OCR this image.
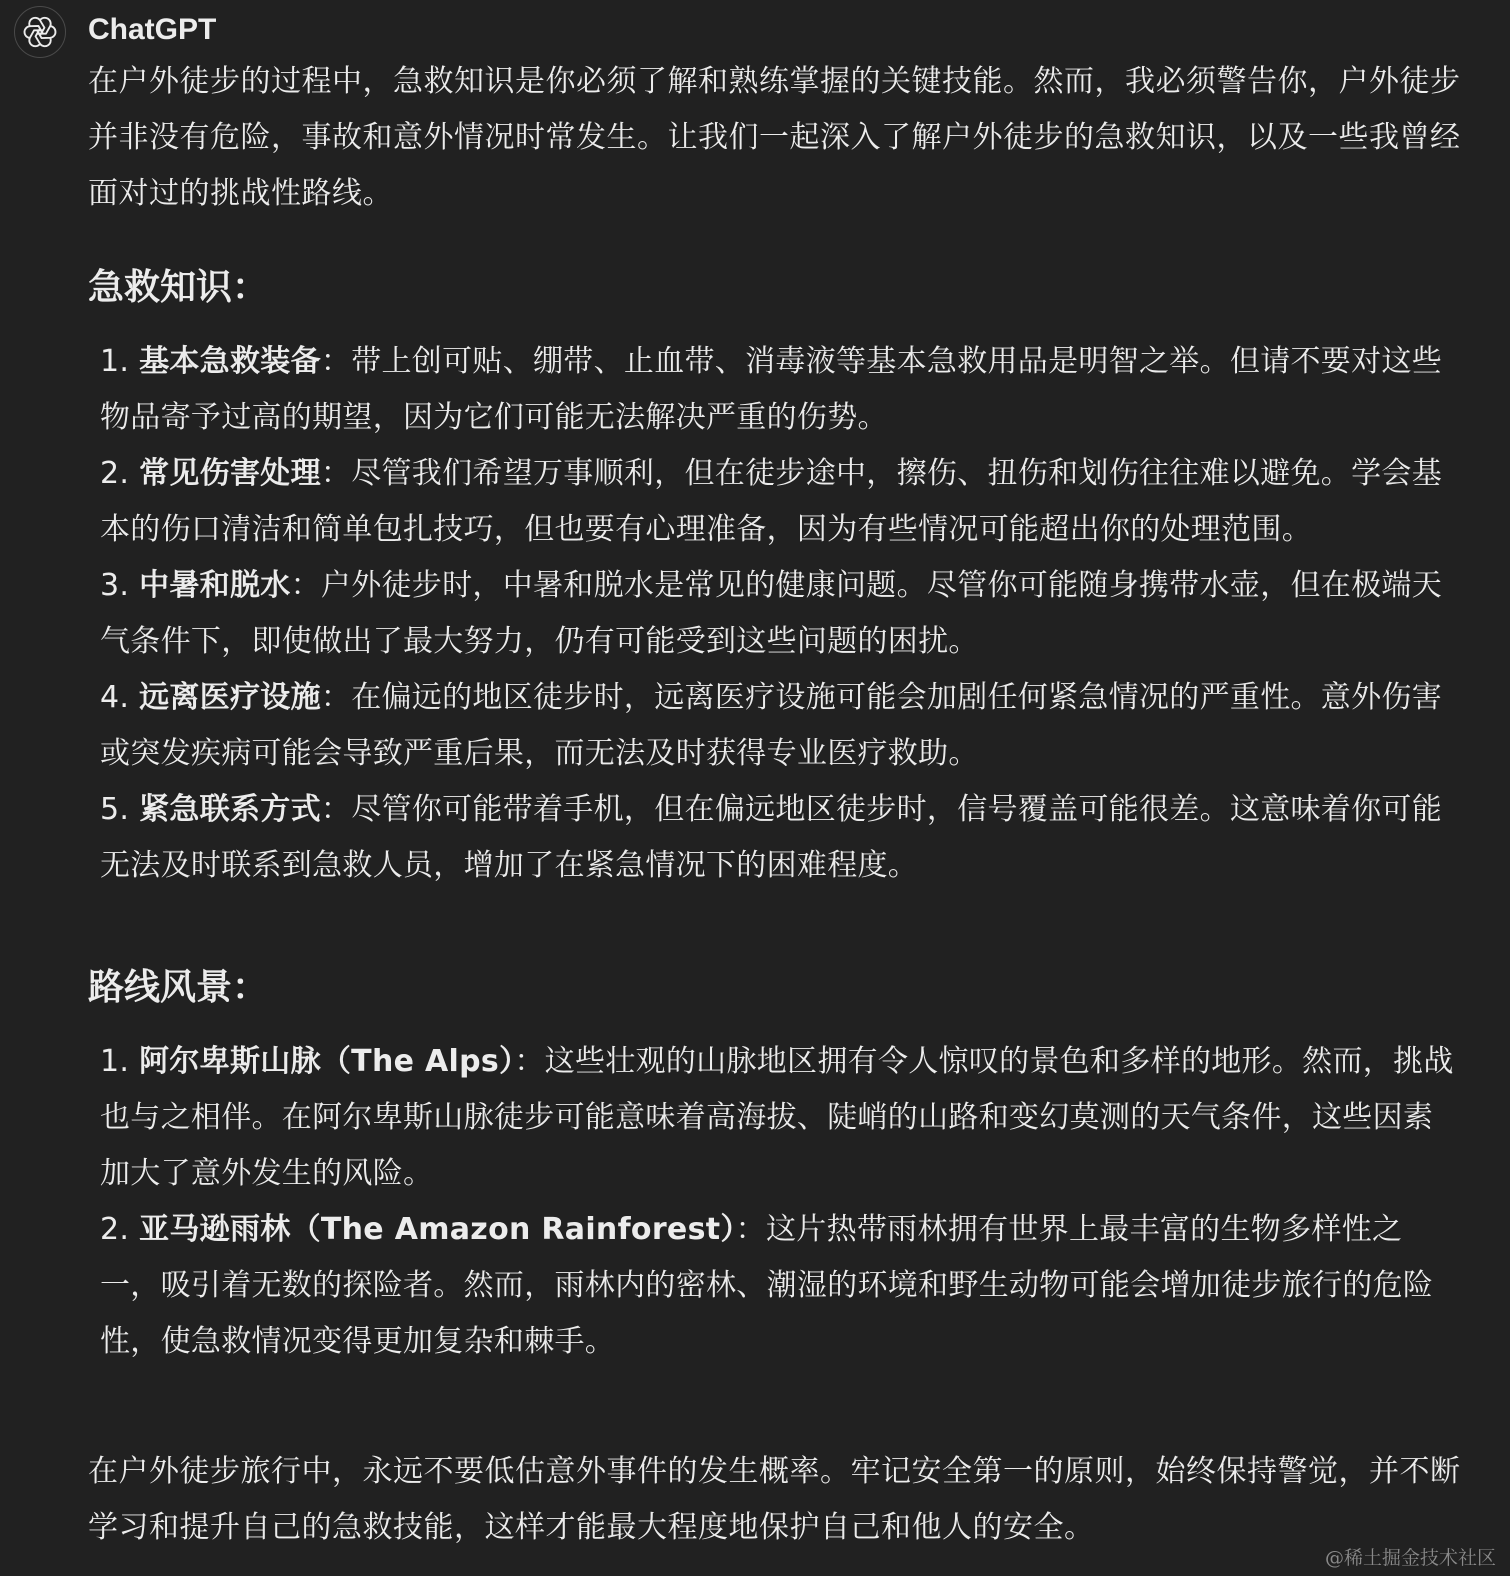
ChatGPT

在户外徒步的过程中，急救知识是你必须了解和熟练掌握的关键技能。然而，我必须警告你，户外徒步并非没有危险，事故和意外情况时常发生。让我们一起深入了解户外徒步的急救知识，以及一些我曾经面对过的挑战性路线。

急救知识：
1. 基本急救装备：带上创可贴、绷带、止血带、消毒液等基本急救用品是明智之举。但请不要对这些物品寄予过高的期望，因为它们可能无法解决严重的伤势。
2. 常见伤害处理：尽管我们希望万事顺利，但在徒步途中，擦伤、扭伤和划伤往往难以避免。学会基本的伤口清洁和简单包扎技巧，但也要有心理准备，因为有些情况可能超出你的处理范围。
3. 中暑和脱水：户外徒步时，中暑和脱水是常见的健康问题。尽管你可能随身携带水壶，但在极端天气条件下，即使做出了最大努力，仍有可能受到这些问题的困扰。
4. 远离医疗设施：在偏远的地区徒步时，远离医疗设施可能会加剧任何紧急情况的严重性。意外伤害或突发疾病可能会导致严重后果，而无法及时获得专业医疗救助。
5. 紧急联系方式：尽管你可能带着手机，但在偏远地区徒步时，信号覆盖可能很差。这意味着你可能无法及时联系到急救人员，增加了在紧急情况下的困难程度。
路线风景：
1. 阿尔卑斯山脉（The Alps）：这些壮观的山脉地区拥有令人惊叹的景色和多样的地形。然而，挑战也与之相伴。在阿尔卑斯山脉徒步可能意味着高海拔、陡峭的山路和变幻莫测的天气条件，这些因素加大了意外发生的风险。
2. 亚马逊雨林（The Amazon Rainforest）：这片热带雨林拥有世界上最丰富的生物多样性之一，吸引着无数的探险者。然而，雨林内的密林、潮湿的环境和野生动物可能会增加徒步旅行的危险性，使急救情况变得更加复杂和棘手。

在户外徒步旅行中，永远不要低估意外事件的发生概率。牢记安全第一的原则，始终保持警觉，并不断学习和提升自己的急救技能，这样才能最大程度地保护自己和他人的安全。

@稀土掘金技术社区
